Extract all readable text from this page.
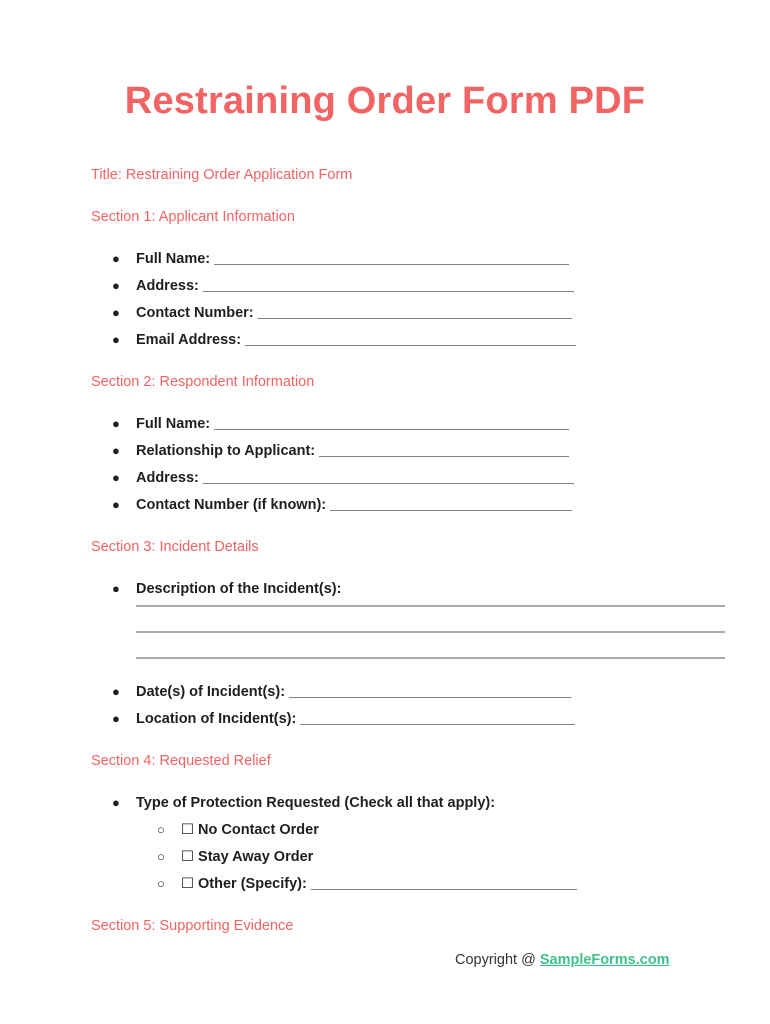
Restraining Order Form PDF

Title: Restraining Order Application Form

Section 1: Applicant Information

● Full Name: ____________________________________________

● Address: ______________________________________________

● Contact Number: _______________________________________

● Email Address: _________________________________________

Section 2: Respondent Information

● Full Name: ____________________________________________

● Relationship to Applicant: _______________________________

● Address: ______________________________________________

● Contact Number (if known): ______________________________

Section 3: Incident Details

● Description of the Incident(s):

● Date(s) of Incident(s): ___________________________________

● Location of Incident(s): __________________________________

Section 4: Requested Relief

● Type of Protection Requested (Check all that apply):

○ ☐ No Contact Order

○ ☐ Stay Away Order

○ ☐ Other (Specify): _________________________________

Section 5: Supporting Evidence

Copyright @ SampleForms.com
